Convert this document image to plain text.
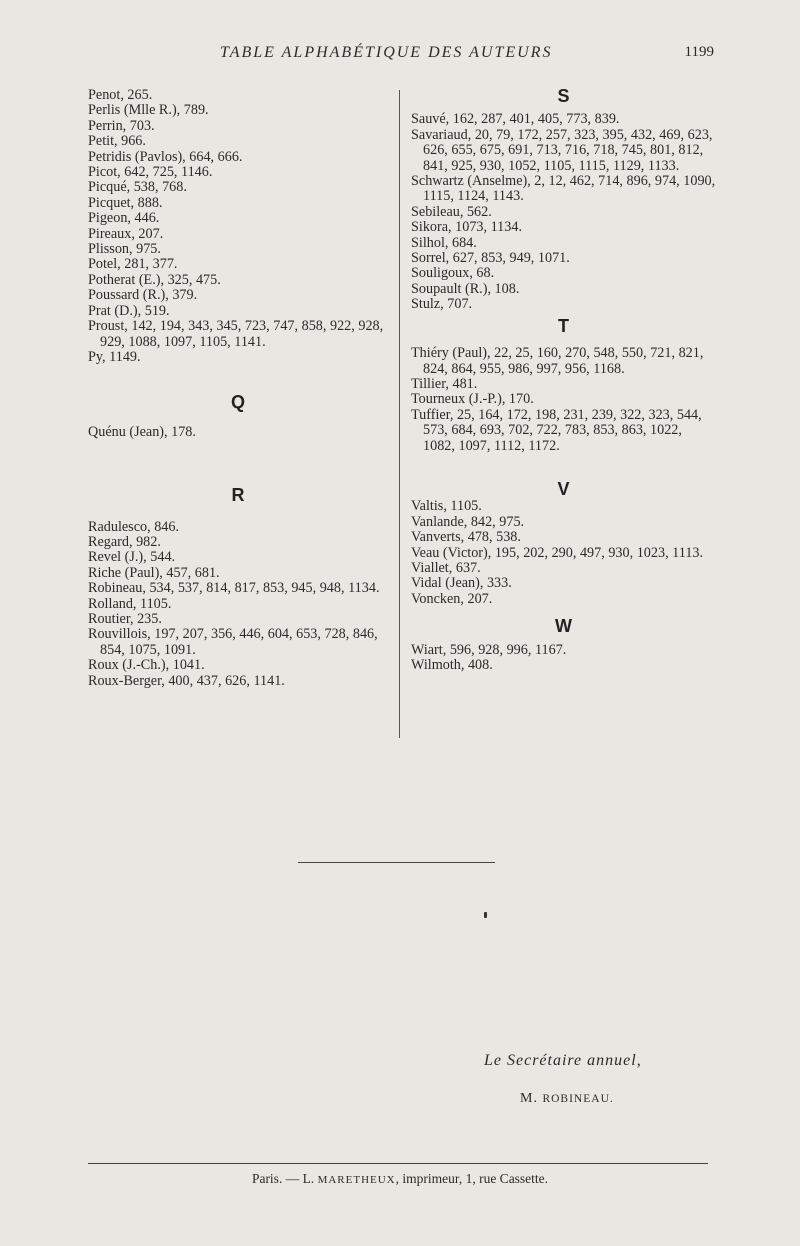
TABLE ALPHABÉTIQUE DES AUTEURS	1199

Penot, 265.

Perlis (Mlle R.), 789.

Perrin, 703.

Petit, 966.

Petridis (Pavlos), 664, 666.

Picot, 642, 725, 1146.

Picqué, 538, 768.

Picquet, 888.

Pigeon, 446.

Pireaux, 207.

Plisson, 975.

Potel, 281, 377.

Potherat (E.), 325, 475.

Poussard (R.), 379.

Prat (D.), 519.

Proust, 142, 194, 343, 345, 723, 747, 858, 922, 928, 929, 1088, 1097, 1105, 1141.

Py, 1149.

Q

Quénu (Jean), 178.

R

Radulesco, 846.

Regard, 982.

Revel (J.), 544.

Riche (Paul), 457, 681.

Robineau, 534, 537, 814, 817, 853, 945, 948, 1134.

Rolland, 1105.

Routier, 235.

Rouvillois, 197, 207, 356, 446, 604, 653, 728, 846, 854, 1075, 1091.

Roux (J.-Ch.), 1041.

Roux-Berger, 400, 437, 626, 1141.

S

Sauvé, 162, 287, 401, 405, 773, 839.

Savariaud, 20, 79, 172, 257, 323, 395, 432, 469, 623, 626, 655, 675, 691, 713, 716, 718, 745, 801, 812, 841, 925, 930, 1052, 1105, 1115, 1129, 1133.

Schwartz (Anselme), 2, 12, 462, 714, 896, 974, 1090, 1115, 1124, 1143.

Sebileau, 562.

Sikora, 1073, 1134.

Silhol, 684.

Sorrel, 627, 853, 949, 1071.

Souligoux, 68.

Soupault (R.), 108.

Stulz, 707.

T

Thiéry (Paul), 22, 25, 160, 270, 548, 550, 721, 821, 824, 864, 955, 986, 997, 956, 1168.

Tillier, 481.

Tourneux (J.-P.), 170.

Tuffier, 25, 164, 172, 198, 231, 239, 322, 323, 544, 573, 684, 693, 702, 722, 783, 853, 863, 1022, 1082, 1097, 1112, 1172.

V

Valtis, 1105.

Vanlande, 842, 975.

Vanverts, 478, 538.

Veau (Victor), 195, 202, 290, 497, 930, 1023, 1113.

Viallet, 637.

Vidal (Jean), 333.

Voncken, 207.

W

Wiart, 596, 928, 996, 1167.

Wilmoth, 408.

Le Secrétaire annuel,
M. ROBINEAU.
Paris. — L. MARETHEUX, imprimeur, 1, rue Cassette.
